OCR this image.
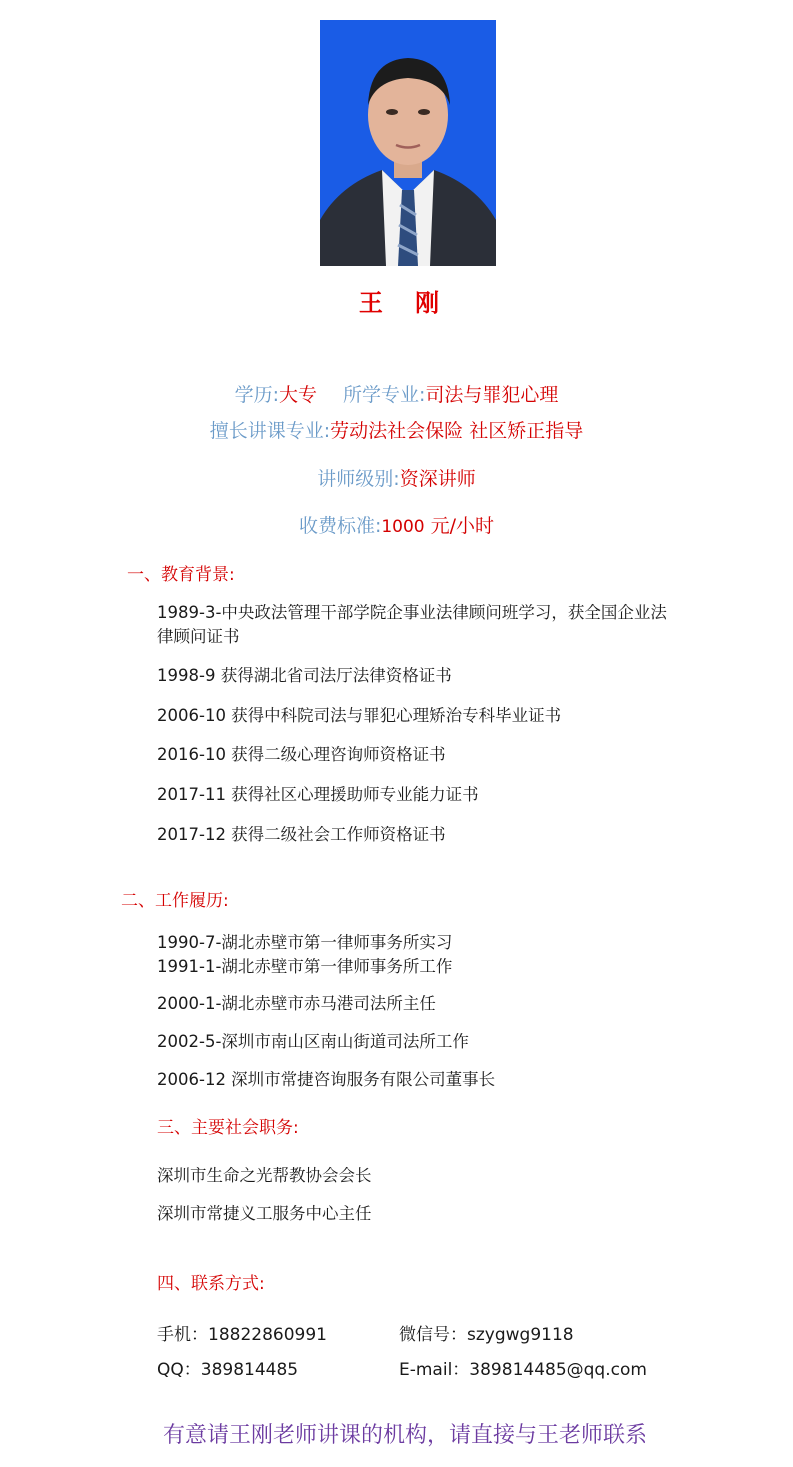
王 刚
学历:大专 所学专业:司法与罪犯心理
擅长讲课专业:劳动法社会保险 社区矫正指导
讲师级别:资深讲师
收费标准:1000 元/小时
一、教育背景:
1989-3-中央政法管理干部学院企事业法律顾问班学习，获全国企业法律顾问证书
1998-9 获得湖北省司法厅法律资格证书
2006-10 获得中科院司法与罪犯心理矫治专科毕业证书
2016-10 获得二级心理咨询师资格证书
2017-11 获得社区心理援助师专业能力证书
2017-12 获得二级社会工作师资格证书
二、工作履历:
1990-7-湖北赤壁市第一律师事务所实习
1991-1-湖北赤壁市第一律师事务所工作
2000-1-湖北赤壁市赤马港司法所主任
2002-5-深圳市南山区南山街道司法所工作
2006-12 深圳市常捷咨询服务有限公司董事长
三、主要社会职务:
深圳市生命之光帮教协会会长
深圳市常捷义工服务中心主任
四、联系方式:
手机：18822860991	微信号：szygwg9118
QQ：389814485	E-mail：389814485@qq.com
有意请王刚老师讲课的机构，请直接与王老师联系
